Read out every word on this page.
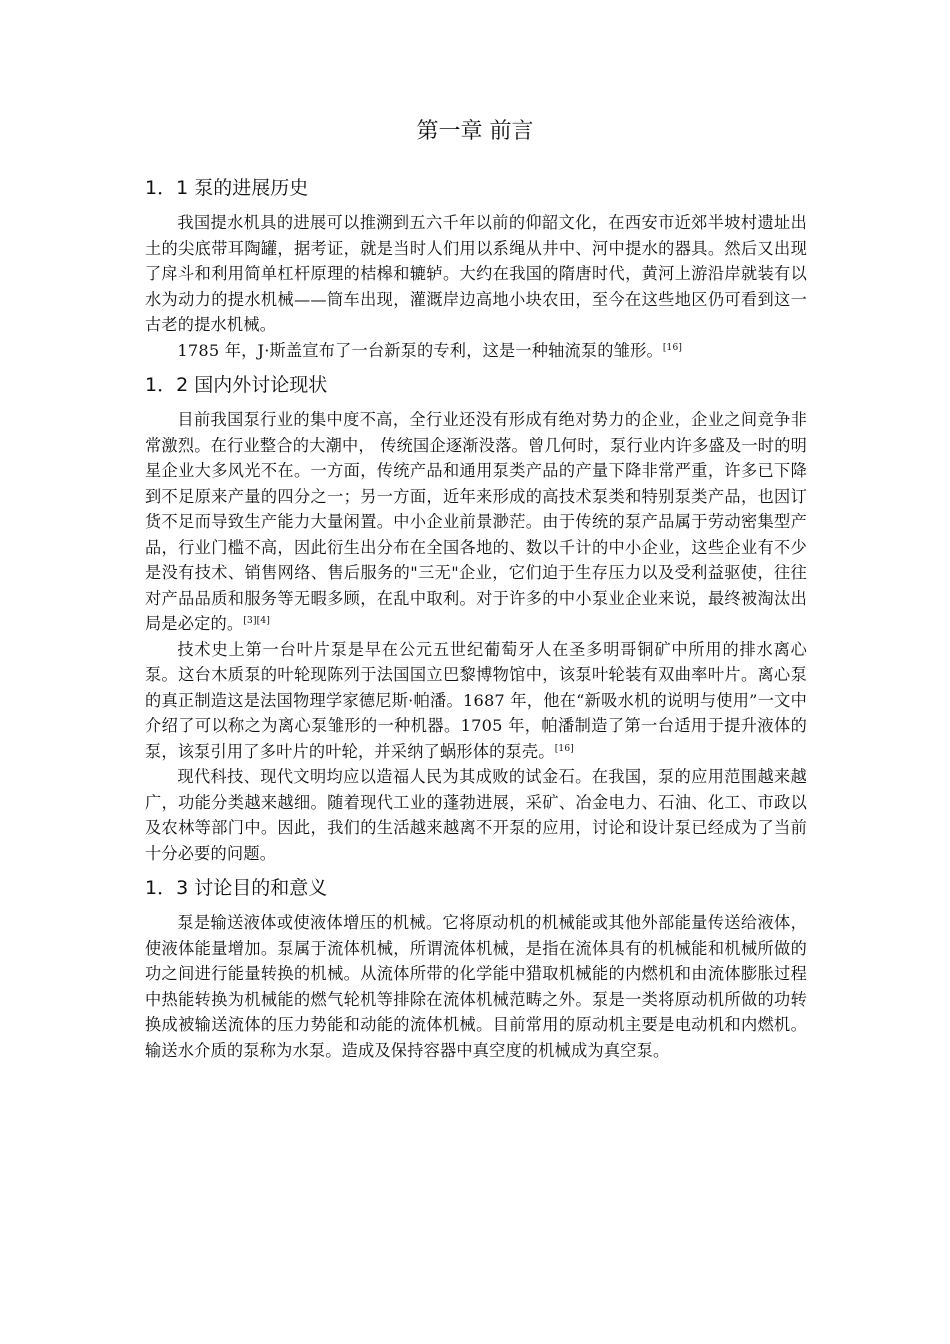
第一章 前言
1．1 泵的进展历史

我国提水机具的进展可以推溯到五六千年以前的仰韶文化，在西安市近郊半坡村遗址出土的尖底带耳陶罐，据考证，就是当时人们用以系绳从井中、河中提水的器具。然后又出现了戽斗和利用简单杠杆原理的桔槔和辘轳。大约在我国的隋唐时代，黄河上游沿岸就装有以水为动力的提水机械——筒车出现，灌溉岸边高地小块农田，至今在这些地区仍可看到这一古老的提水机械。

1785 年，J·斯盖宣布了一台新泵的专利，这是一种轴流泵的雏形。[16]

1．2 国内外讨论现状

目前我国泵行业的集中度不高，全行业还没有形成有绝对势力的企业，企业之间竞争非常激烈。在行业整合的大潮中， 传统国企逐渐没落。曾几何时，泵行业内许多盛及一时的明星企业大多风光不在。一方面，传统产品和通用泵类产品的产量下降非常严重，许多已下降到不足原来产量的四分之一；另一方面，近年来形成的高技术泵类和特别泵类产品，也因订货不足而导致生产能力大量闲置。中小企业前景渺茫。由于传统的泵产品属于劳动密集型产品，行业门槛不高，因此衍生出分布在全国各地的、数以千计的中小企业，这些企业有不少是没有技术、销售网络、售后服务的"三无"企业，它们迫于生存压力以及受利益驱使，往往对产品品质和服务等无暇多顾，在乱中取利。对于许多的中小泵业企业来说，最终被淘汰出局是必定的。[3][4]

技术史上第一台叶片泵是早在公元五世纪葡萄牙人在圣多明哥铜矿中所用的排水离心泵。这台木质泵的叶轮现陈列于法国国立巴黎博物馆中，该泵叶轮装有双曲率叶片。离心泵的真正制造这是法国物理学家德尼斯·帕潘。1687 年，他在“新吸水机的说明与使用”一文中介绍了可以称之为离心泵雏形的一种机器。1705 年，帕潘制造了第一台适用于提升液体的泵，该泵引用了多叶片的叶轮，并采纳了蜗形体的泵壳。[16]

现代科技、现代文明均应以造福人民为其成败的试金石。在我国，泵的应用范围越来越广，功能分类越来越细。随着现代工业的蓬勃进展，采矿、冶金电力、石油、化工、市政以及农林等部门中。因此，我们的生活越来越离不开泵的应用，讨论和设计泵已经成为了当前十分必要的问题。

1．3 讨论目的和意义

泵是输送液体或使液体增压的机械。它将原动机的机械能或其他外部能量传送给液体，使液体能量增加。泵属于流体机械，所谓流体机械，是指在流体具有的机械能和机械所做的功之间进行能量转换的机械。从流体所带的化学能中猎取机械能的内燃机和由流体膨胀过程中热能转换为机械能的燃气轮机等排除在流体机械范畴之外。泵是一类将原动机所做的功转换成被输送流体的压力势能和动能的流体机械。目前常用的原动机主要是电动机和内燃机。输送水介质的泵称为水泵。造成及保持容器中真空度的机械成为真空泵。
